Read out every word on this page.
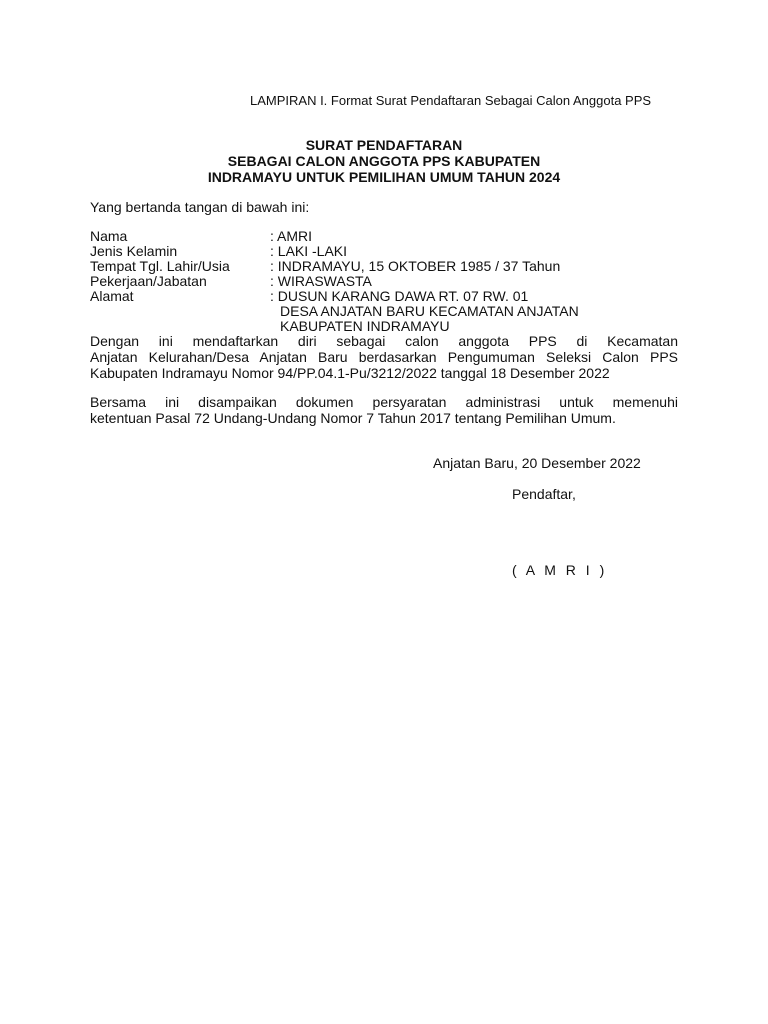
LAMPIRAN I. Format Surat Pendaftaran Sebagai Calon Anggota PPS
SURAT PENDAFTARAN
SEBAGAI CALON ANGGOTA PPS KABUPATEN
INDRAMAYU UNTUK PEMILIHAN UMUM TAHUN 2024
Yang bertanda tangan di bawah ini:
Nama	: AMRI
Jenis Kelamin	: LAKI -LAKI
Tempat Tgl. Lahir/Usia	: INDRAMAYU, 15 OKTOBER 1985 / 37 Tahun
Pekerjaan/Jabatan	: WIRASWASTA
Alamat	: DUSUN KARANG DAWA RT. 07 RW. 01
DESA ANJATAN BARU KECAMATAN ANJATAN
KABUPATEN INDRAMAYU
Dengan ini mendaftarkan diri sebagai calon anggota PPS di Kecamatan
Anjatan Kelurahan/Desa Anjatan Baru berdasarkan Pengumuman Seleksi Calon PPS
Kabupaten Indramayu Nomor 94/PP.04.1-Pu/3212/2022 tanggal 18 Desember 2022
Bersama ini disampaikan dokumen persyaratan administrasi untuk memenuhi
ketentuan Pasal 72 Undang-Undang Nomor 7 Tahun 2017 tentang Pemilihan Umum.
Anjatan Baru, 20 Desember 2022
Pendaftar,
( A M R I )
